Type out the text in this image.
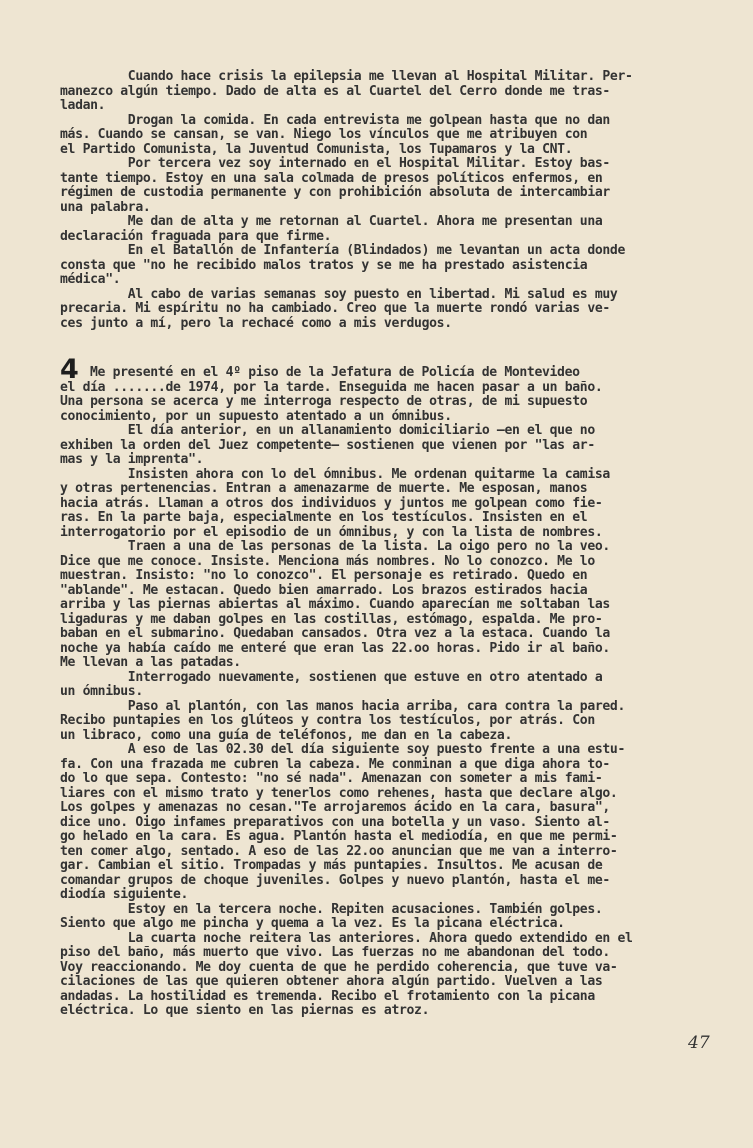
Cuando hace crisis la epilepsia me llevan al Hospital Militar. Per-
manezco algún tiempo. Dado de alta es al Cuartel del Cerro donde me tras-
ladan.
Drogan la comida. En cada entrevista me golpean hasta que no dan
más. Cuando se cansan, se van. Niego los vínculos que me atribuyen con
el Partido Comunista, la Juventud Comunista, los Tupamaros y la CNT.
Por tercera vez soy internado en el Hospital Militar. Estoy bas-
tante tiempo. Estoy en una sala colmada de presos políticos enfermos, en
régimen de custodia permanente y con prohibición absoluta de intercambiar
una palabra.
Me dan de alta y me retornan al Cuartel. Ahora me presentan una
declaración fraguada para que firme.
En el Batallón de Infantería (Blindados) me levantan un acta donde
consta que "no he recibido malos tratos y se me ha prestado asistencia
médica".
Al cabo de varias semanas soy puesto en libertad. Mi salud es muy
precaria. Mi espíritu no ha cambiado. Creo que la muerte rondó varias ve-
ces junto a mí, pero la rechacé como a mis verdugos.
4 Me presenté en el 4º piso de la Jefatura de Policía de Montevideo
el día .......de 1974, por la tarde. Enseguida me hacen pasar a un baño.
Una persona se acerca y me interroga respecto de otras, de mi supuesto
conocimiento, por un supuesto atentado a un ómnibus.
El día anterior, en un allanamiento domiciliario —en el que no
exhiben la orden del Juez competente— sostienen que vienen por "las ar-
mas y la imprenta".
Insisten ahora con lo del ómnibus. Me ordenan quitarme la camisa
y otras pertenencias. Entran a amenazarme de muerte. Me esposan, manos
hacia atrás. Llaman a otros dos individuos y juntos me golpean como fie-
ras. En la parte baja, especialmente en los testículos. Insisten en el
interrogatorio por el episodio de un ómnibus, y con la lista de nombres.
Traen a una de las personas de la lista. La oigo pero no la veo.
Dice que me conoce. Insiste. Menciona más nombres. No lo conozco. Me lo
muestran. Insisto: "no lo conozco". El personaje es retirado. Quedo en
"ablande". Me estacan. Quedo bien amarrado. Los brazos estirados hacia
arriba y las piernas abiertas al máximo. Cuando aparecían me soltaban las
ligaduras y me daban golpes en las costillas, estómago, espalda. Me pro-
baban en el submarino. Quedaban cansados. Otra vez a la estaca. Cuando la
noche ya había caído me enteré que eran las 22.oo horas. Pido ir al baño.
Me llevan a las patadas.
Interrogado nuevamente, sostienen que estuve en otro atentado a
un ómnibus.
Paso al plantón, con las manos hacia arriba, cara contra la pared.
Recibo puntapies en los glúteos y contra los testículos, por atrás. Con
un libraco, como una guía de teléfonos, me dan en la cabeza.
A eso de las 02.30 del día siguiente soy puesto frente a una estu-
fa. Con una frazada me cubren la cabeza. Me conminan a que diga ahora to-
do lo que sepa. Contesto: "no sé nada". Amenazan con someter a mis fami-
liares con el mismo trato y tenerlos como rehenes, hasta que declare algo.
Los golpes y amenazas no cesan."Te arrojaremos ácido en la cara, basura",
dice uno. Oigo infames preparativos con una botella y un vaso. Siento al-
go helado en la cara. Es agua. Plantón hasta el mediodía, en que me permi-
ten comer algo, sentado. A eso de las 22.oo anuncian que me van a interro-
gar. Cambian el sitio. Trompadas y más puntapies. Insultos. Me acusan de
comandar grupos de choque juveniles. Golpes y nuevo plantón, hasta el me-
diodía siguiente.
Estoy en la tercera noche. Repiten acusaciones. También golpes.
Siento que algo me pincha y quema a la vez. Es la picana eléctrica.
La cuarta noche reitera las anteriores. Ahora quedo extendido en el
piso del baño, más muerto que vivo. Las fuerzas no me abandonan del todo.
Voy reaccionando. Me doy cuenta de que he perdido coherencia, que tuve va-
cilaciones de las que quieren obtener ahora algún partido. Vuelven a las
andadas. La hostilidad es tremenda. Recibo el frotamiento con la picana
eléctrica. Lo que siento en las piernas es atroz.
47
